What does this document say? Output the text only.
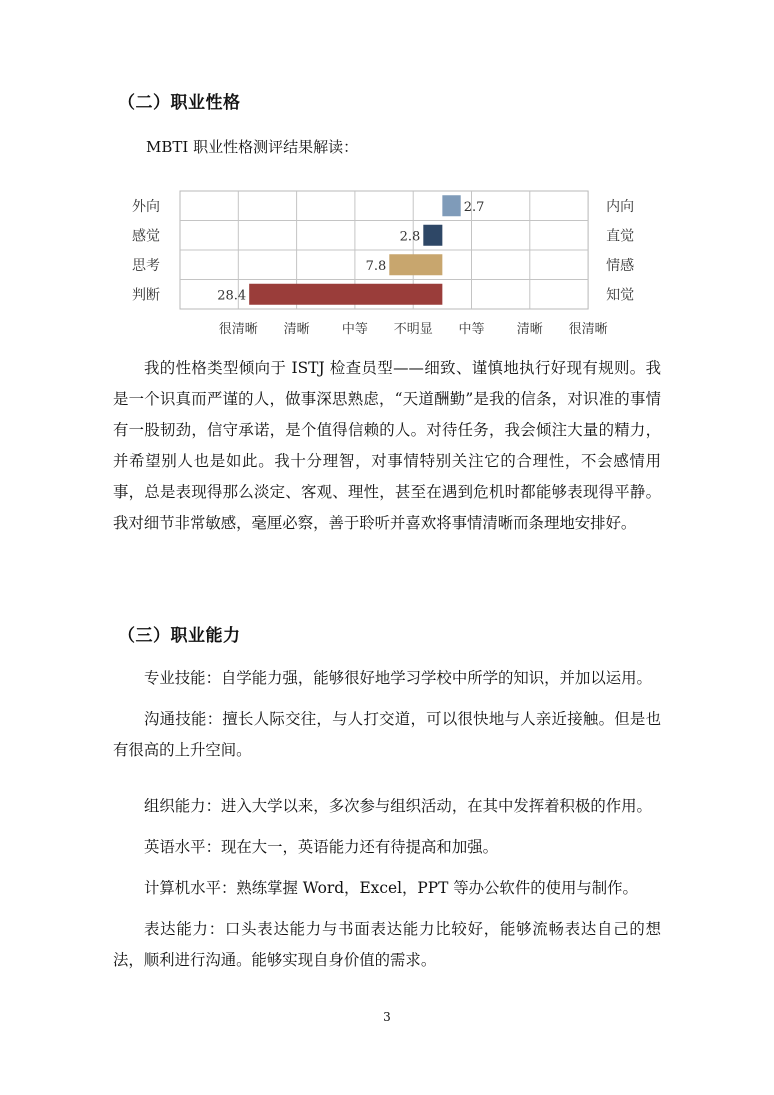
（二）职业性格
MBTI 职业性格测评结果解读：
2.7
外向	内向
2.8
感觉	直觉
7.8
思考	情感
28.4
判断	知觉
很清晰 清晰 中等 不明显 中等 清晰 很清晰

我的性格类型倾向于 ISTJ 检查员型——细致、谨慎地执行好现有规则。我是一个识真而严谨的人，做事深思熟虑，“天道酬勤”是我的信条，对识准的事情有一股韧劲，信守承诺，是个值得信赖的人。对待任务，我会倾注大量的精力，并希望别人也是如此。我十分理智，对事情特别关注它的合理性，不会感情用事，总是表现得那么淡定、客观、理性，甚至在遇到危机时都能够表现得平静。我对细节非常敏感，毫厘必察，善于聆听并喜欢将事情清晰而条理地安排好。

（三）职业能力

专业技能：自学能力强，能够很好地学习学校中所学的知识，并加以运用。

沟通技能：擅长人际交往，与人打交道，可以很快地与人亲近接触。但是也有很高的上升空间。

组织能力：进入大学以来，多次参与组织活动，在其中发挥着积极的作用。

英语水平：现在大一，英语能力还有待提高和加强。

计算机水平：熟练掌握 Word，Excel，PPT 等办公软件的使用与制作。

表达能力：口头表达能力与书面表达能力比较好，能够流畅表达自己的想法，顺利进行沟通。能够实现自身价值的需求。

3
